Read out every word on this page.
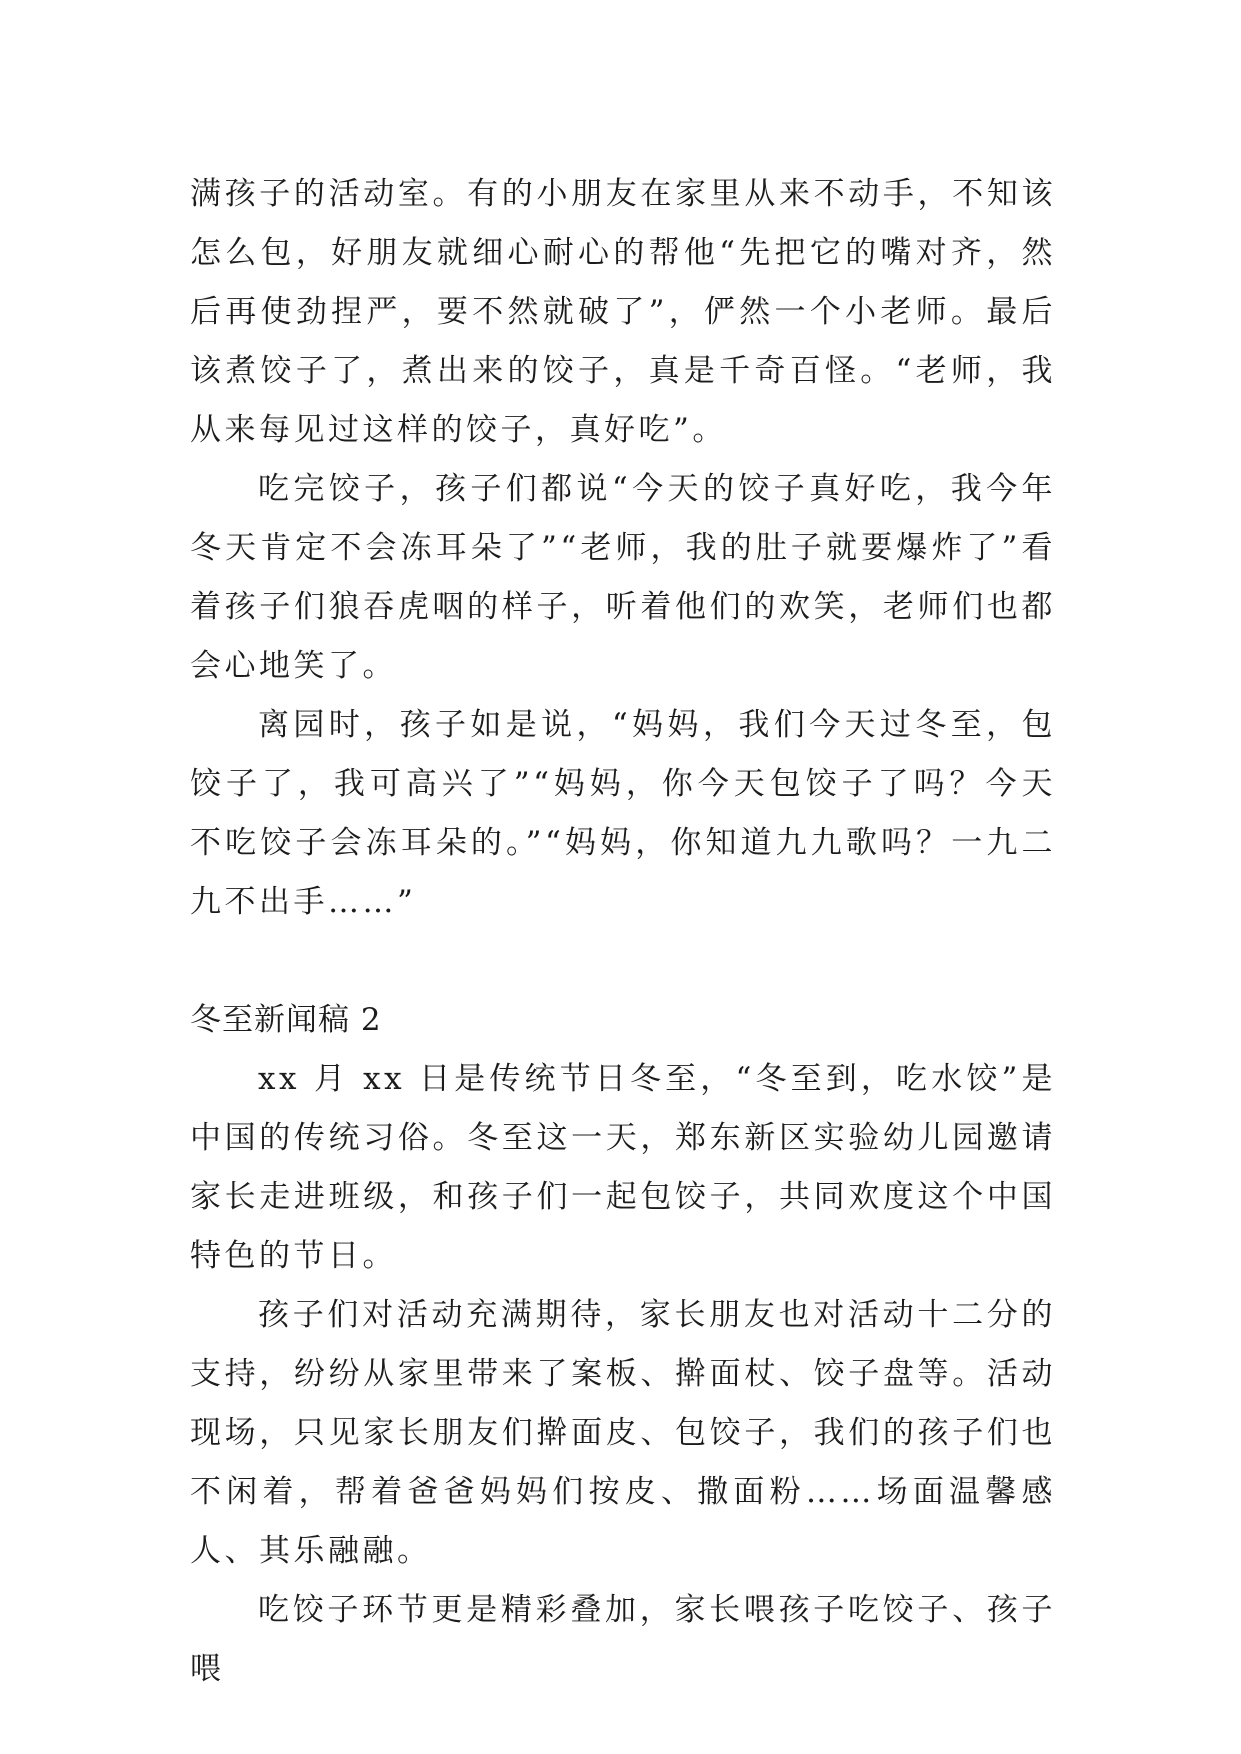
满孩子的活动室。有的小朋友在家里从来不动手，不知该怎么包，好朋友就细心耐心的帮他“先把它的嘴对齐，然后再使劲捏严，要不然就破了”，俨然一个小老师。最后该煮饺子了，煮出来的饺子，真是千奇百怪。“老师，我从来每见过这样的饺子，真好吃”。

吃完饺子，孩子们都说“今天的饺子真好吃，我今年冬天肯定不会冻耳朵了”“老师，我的肚子就要爆炸了”看着孩子们狼吞虎咽的样子，听着他们的欢笑，老师们也都会心地笑了。

离园时，孩子如是说，“妈妈，我们今天过冬至，包饺子了，我可高兴了”“妈妈，你今天包饺子了吗？今天不吃饺子会冻耳朵的。”“妈妈，你知道九九歌吗？一九二九不出手……”

冬至新闻稿 2

xx 月 xx 日是传统节日冬至，“冬至到，吃水饺”是中国的传统习俗。冬至这一天，郑东新区实验幼儿园邀请家长走进班级，和孩子们一起包饺子，共同欢度这个中国特色的节日。

孩子们对活动充满期待，家长朋友也对活动十二分的支持，纷纷从家里带来了案板、擀面杖、饺子盘等。活动现场，只见家长朋友们擀面皮、包饺子，我们的孩子们也不闲着，帮着爸爸妈妈们按皮、撒面粉……场面温馨感人、其乐融融。

吃饺子环节更是精彩叠加，家长喂孩子吃饺子、孩子喂
